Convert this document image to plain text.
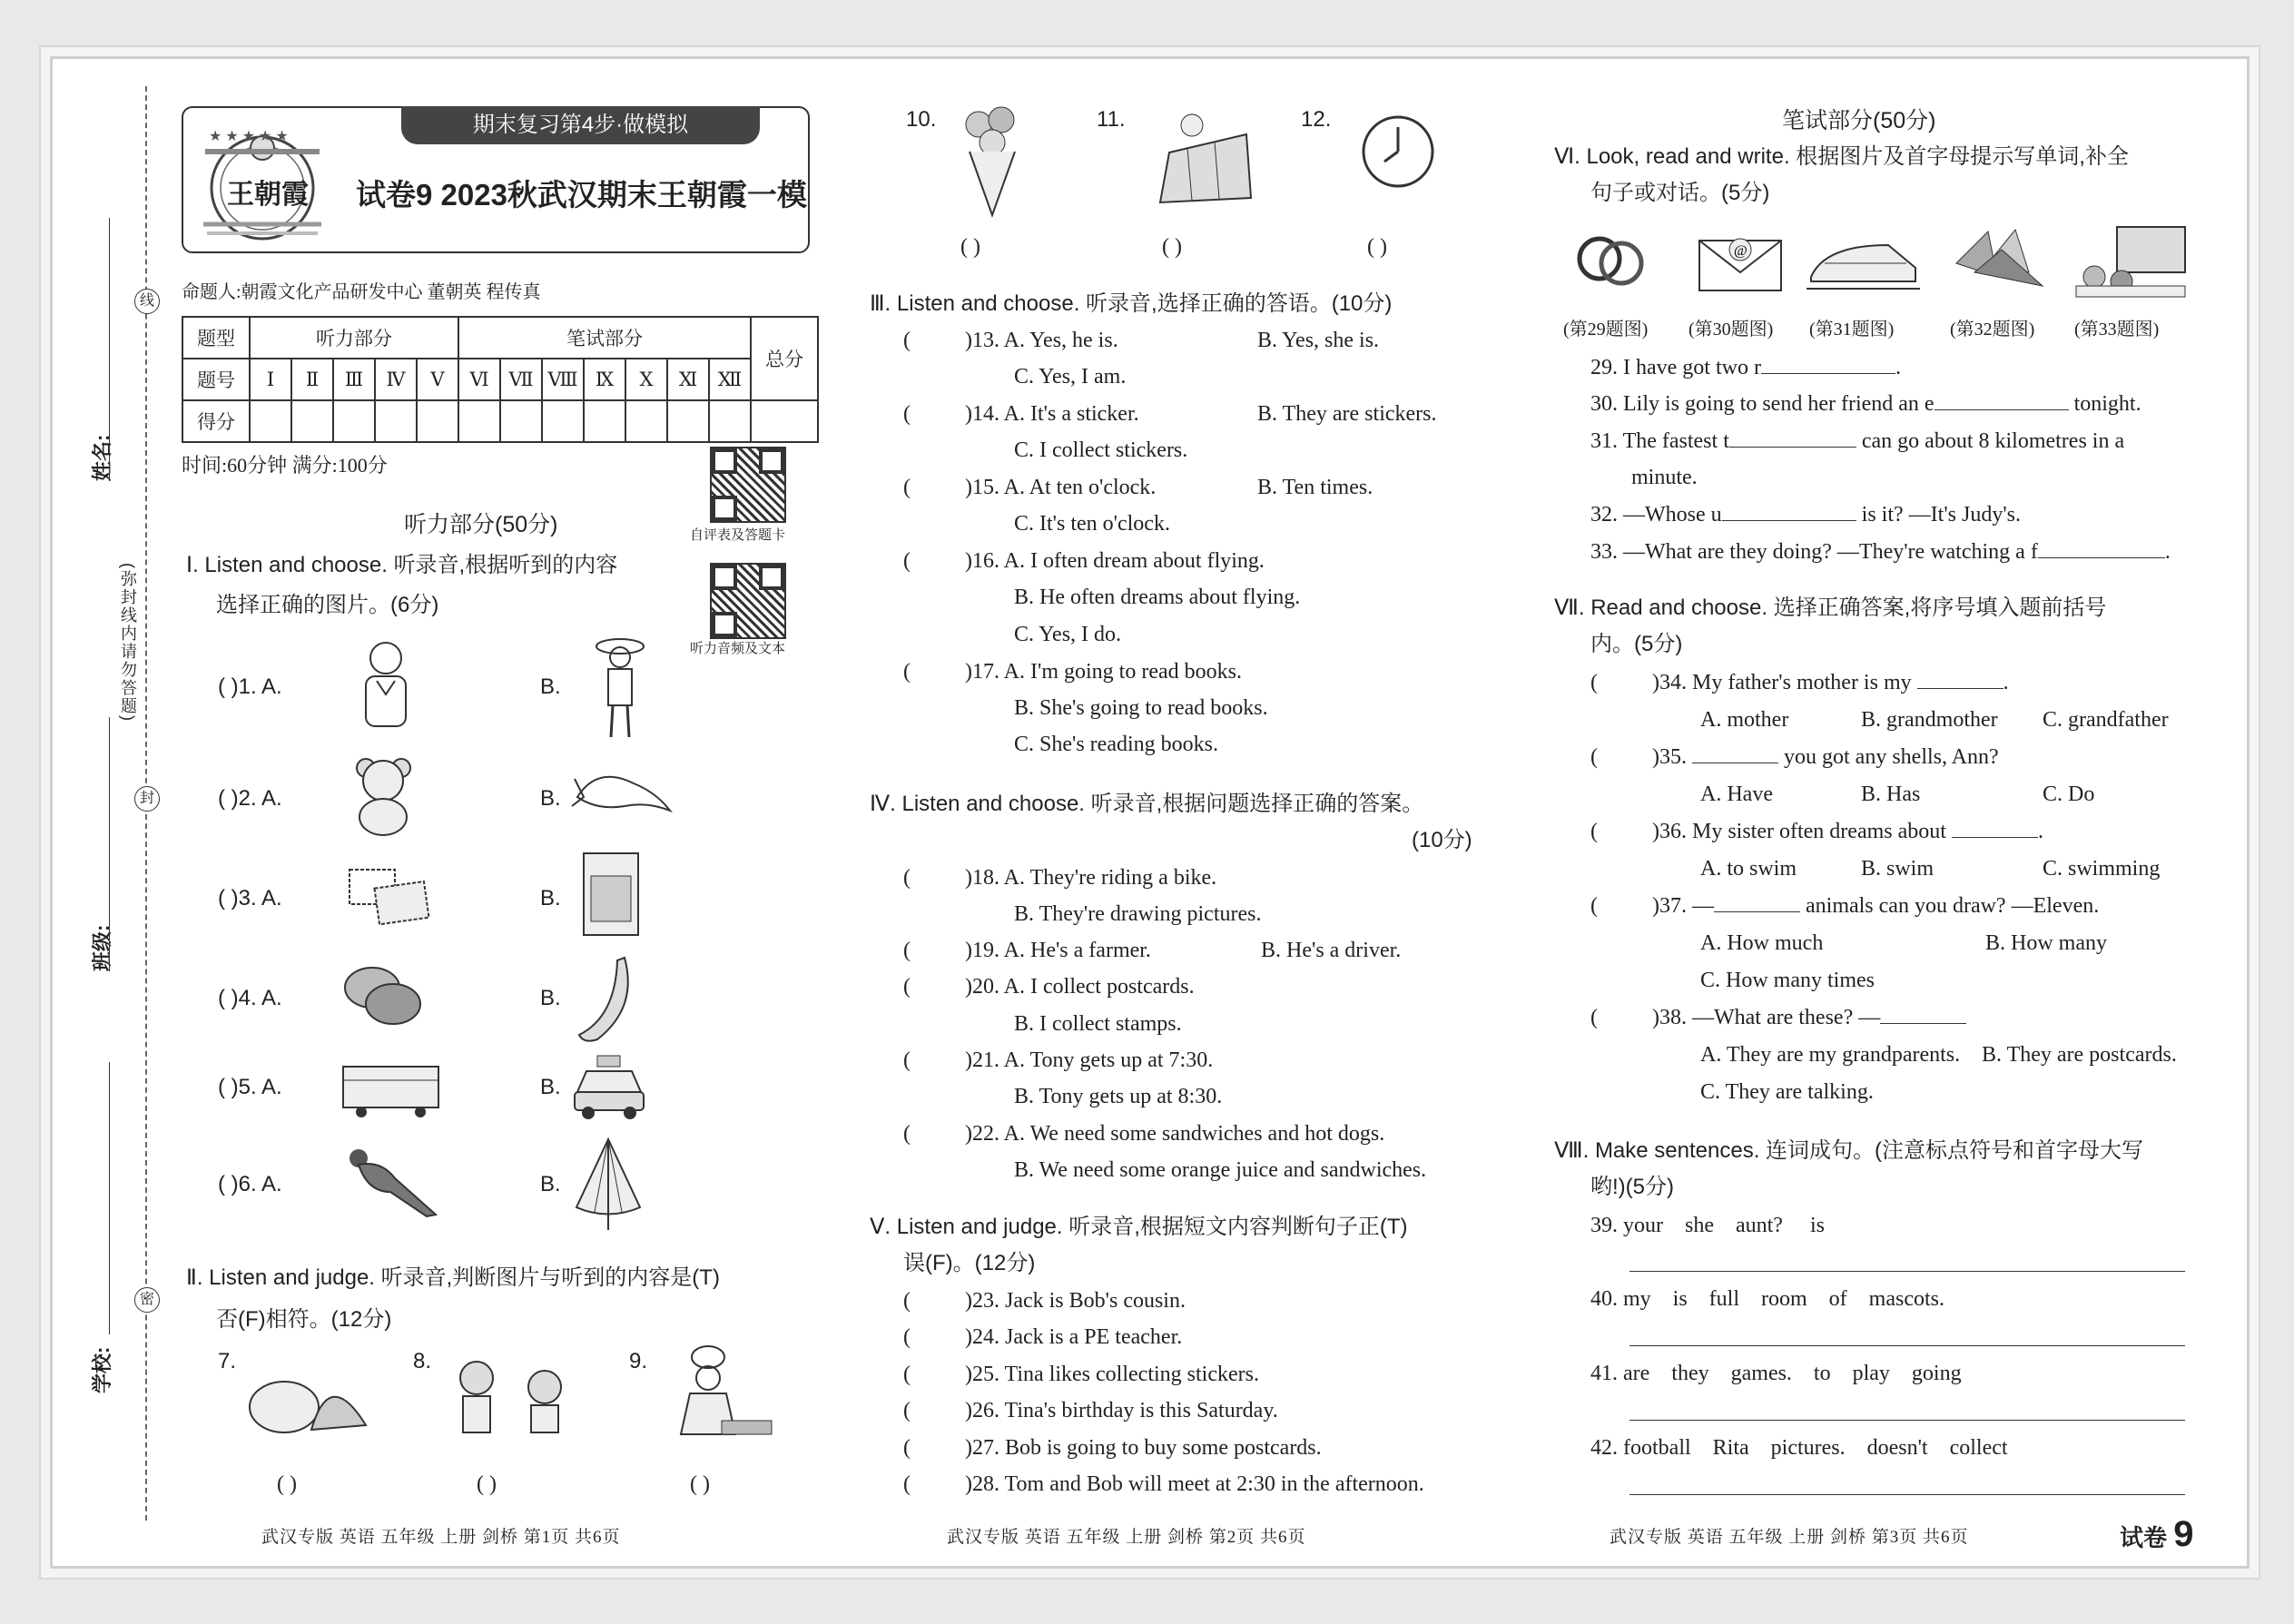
线
封
密
(弥封线内请勿答题)
姓名:
班级:
学校:
★ ★ ★ ★ ★
王朝霞
期末复习第4步·做模拟
试卷9 2023秋武汉期末王朝霞一模
命题人:朝霞文化产品研发中心 董朝英 程传真
题型	听力部分					笔试部分							总分
题号	Ⅰ	Ⅱ	Ⅲ	Ⅳ	Ⅴ	Ⅵ	Ⅶ	Ⅷ	Ⅸ	Ⅹ	Ⅺ	Ⅻ	
得分													
时间:60分钟 满分:100分
自评表及答题卡
听力音频及文本
听力部分(50分)
Ⅰ. Listen and choose. 听录音,根据听到的内容
选择正确的图片。(6分)
( )1. A.	B.
( )2. A.	B.
( )3. A.	B.
( )4. A.	B.
( )5. A.	B.
( )6. A.	B.
Ⅱ. Listen and judge. 听录音,判断图片与听到的内容是(T)
否(F)相符。(12分)
7.	8.	9.
( )	( )	( )
武汉专版 英语 五年级 上册 剑桥 第1页 共6页
10.	11.	12.
( )	( )	( )
Ⅲ. Listen and choose. 听录音,选择正确的答语。(10分)
(	)13. A. Yes, he is.	B. Yes, she is.
C. Yes, I am.
(	)14. A. It's a sticker.	B. They are stickers.
C. I collect stickers.
(	)15. A. At ten o'clock.	B. Ten times.
C. It's ten o'clock.
(	)16. A. I often dream about flying.
B. He often dreams about flying.
C. Yes, I do.
(	)17. A. I'm going to read books.
B. She's going to read books.
C. She's reading books.
Ⅳ. Listen and choose. 听录音,根据问题选择正确的答案。
(10分)
(	)18. A. They're riding a bike.
B. They're drawing pictures.
(	)19. A. He's a farmer.	B. He's a driver.
(	)20. A. I collect postcards.
B. I collect stamps.
(	)21. A. Tony gets up at 7:30.
B. Tony gets up at 8:30.
(	)22. A. We need some sandwiches and hot dogs.
B. We need some orange juice and sandwiches.
Ⅴ. Listen and judge. 听录音,根据短文内容判断句子正(T)
误(F)。(12分)
(	)23. Jack is Bob's cousin.
(	)24. Jack is a PE teacher.
(	)25. Tina likes collecting stickers.
(	)26. Tina's birthday is this Saturday.
(	)27. Bob is going to buy some postcards.
(	)28. Tom and Bob will meet at 2:30 in the afternoon.
武汉专版 英语 五年级 上册 剑桥 第2页 共6页
笔试部分(50分)
Ⅵ. Look, read and write. 根据图片及首字母提示写单词,补全
句子或对话。(5分)
@
(第29题图) (第30题图) (第31题图)	(第32题图) (第33题图)
29. I have got two r	.
30. Lily is going to send her friend an e	tonight.
31. The fastest t	can go about 8 kilometres in a
minute.
32. —Whose u	is it? —It's Judy's.
33. —What are they doing? —They're watching a f	.
Ⅶ. Read and choose. 选择正确答案,将序号填入题前括号
内。(5分)
(	)34. My father's mother is my	.
A. mother	B. grandmother C. grandfather
(	)35.	you got any shells, Ann?
A. Have	B. Has	C. Do
(	)36. My sister often dreams about	.
A. to swim	B. swim	C. swimming
(	)37. —	animals can you draw? —Eleven.
A. How much	B. How many
C. How many times
(	)38. —What are these? —
A. They are my grandparents. B. They are postcards.
C. They are talking.
Ⅷ. Make sentences. 连词成句。(注意标点符号和首字母大写
哟!)(5分)
39. your    she    aunt?     is
40. my    is    full    room    of    mascots.
41. are    they    games.    to    play    going
42. football    Rita    pictures.    doesn't    collect
武汉专版 英语 五年级 上册 剑桥 第3页 共6页	试卷 9
